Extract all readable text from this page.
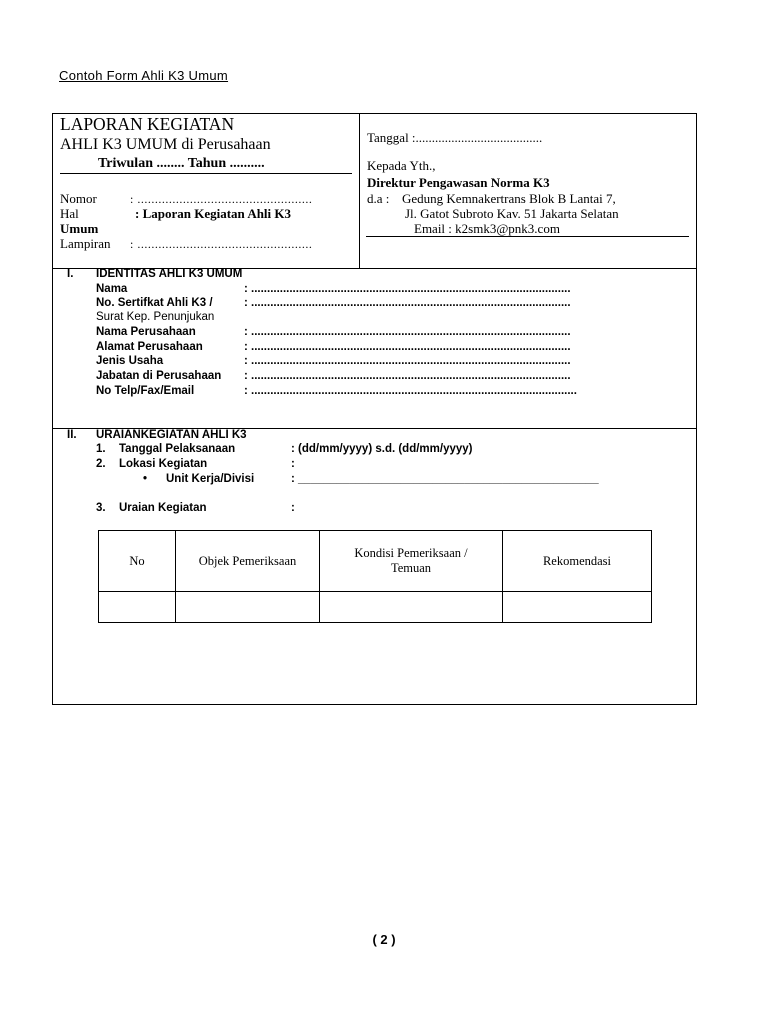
Contoh Form Ahli K3 Umum
LAPORAN KEGIATAN
AHLI K3 UMUM di Perusahaan
Triwulan ........ Tahun ..........
Nomor	: ..................................................
Hal	: Laporan Kegiatan Ahli K3
Umum
Lampiran : ..................................................
Tanggal :.......................................
Kepada Yth.,
Direktur Pengawasan Norma K3
d.a : Gedung Kemnakertrans Blok B Lantai 7,
Jl. Gatot Subroto Kav. 51 Jakarta Selatan
Email : k2smk3@pnk3.com
I. IDENTITAS AHLI K3 UMUM
Nama	: ....................................................................................................
No. Sertifkat Ahli K3 /	: ....................................................................................................
Surat Kep. Penunjukan
Nama Perusahaan	: ....................................................................................................
Alamat Perusahaan	: ....................................................................................................
Jenis Usaha	: ....................................................................................................
Jabatan di Perusahaan : ....................................................................................................
No Telp/Fax/Email	: ......................................................................................................
II. URAIANKEGIATAN AHLI K3
1. Tanggal Pelaksanaan	: (dd/mm/yyyy) s.d. (dd/mm/yyyy)
2. Lokasi Kegiatan	:
• Unit Kerja/Divisi	: _______________________________________________
3. Uraian Kegiatan	:
No	Objek Pemeriksaan	Kondisi Pemeriksaan / Temuan	Rekomendasi

( 2 )
